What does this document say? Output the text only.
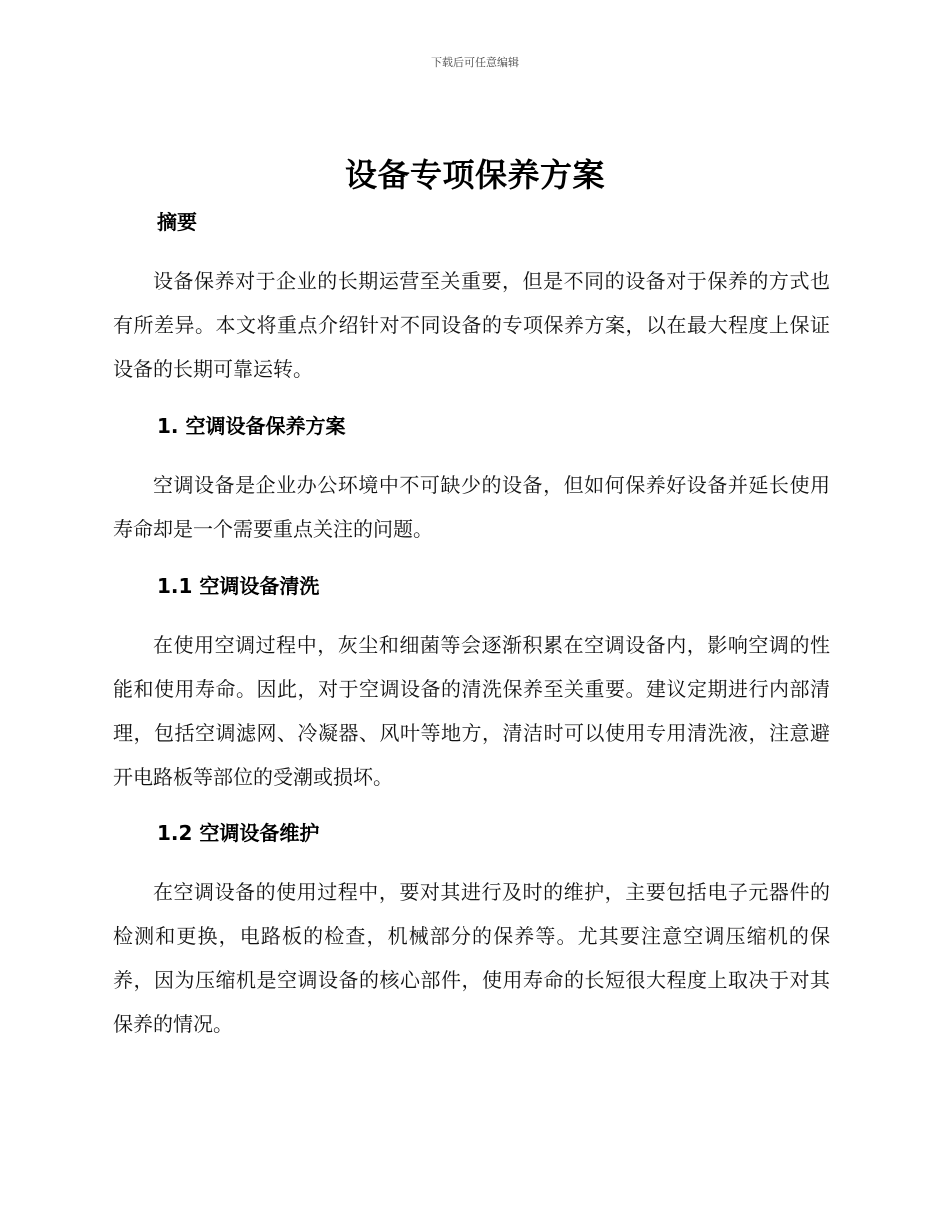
下载后可任意编辑
设备专项保养方案

摘要

设备保养对于企业的长期运营至关重要，但是不同的设备对于保养的方式也有所差异。本文将重点介绍针对不同设备的专项保养方案，以在最大程度上保证设备的长期可靠运转。

1. 空调设备保养方案

空调设备是企业办公环境中不可缺少的设备，但如何保养好设备并延长使用寿命却是一个需要重点关注的问题。

1.1 空调设备清洗

在使用空调过程中，灰尘和细菌等会逐渐积累在空调设备内，影响空调的性能和使用寿命。因此，对于空调设备的清洗保养至关重要。建议定期进行内部清理，包括空调滤网、冷凝器、风叶等地方，清洁时可以使用专用清洗液，注意避开电路板等部位的受潮或损坏。

1.2 空调设备维护

在空调设备的使用过程中，要对其进行及时的维护，主要包括电子元器件的检测和更换，电路板的检查，机械部分的保养等。尤其要注意空调压缩机的保养，因为压缩机是空调设备的核心部件，使用寿命的长短很大程度上取决于对其保养的情况。
